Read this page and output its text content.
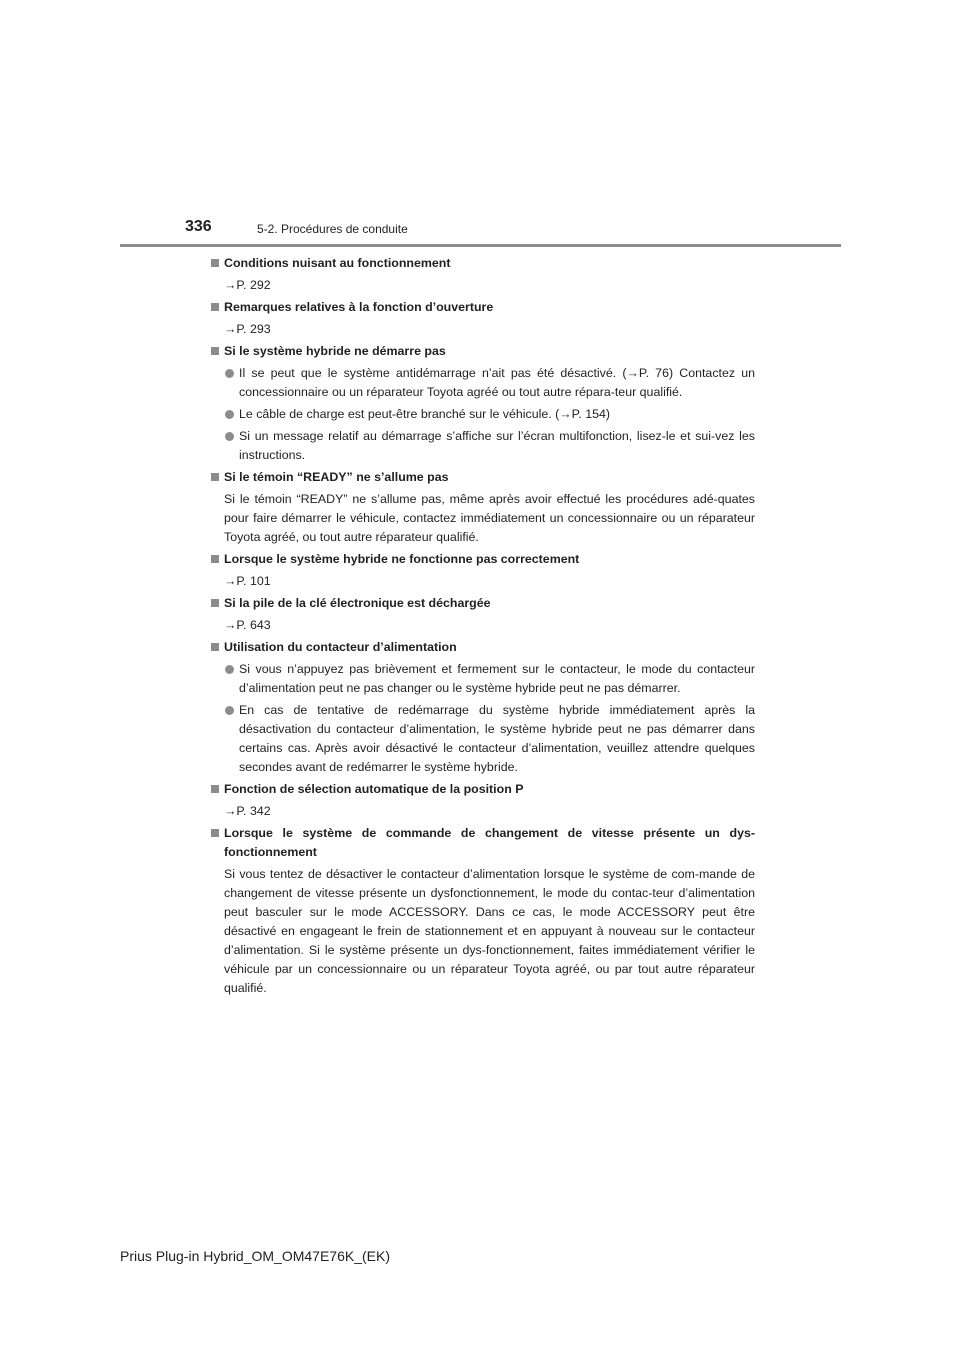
336	5-2. Procédures de conduite
Conditions nuisant au fonctionnement
→P. 292
Remarques relatives à la fonction d’ouverture
→P. 293
Si le système hybride ne démarre pas
Il se peut que le système antidémarrage n’ait pas été désactivé. (→P. 76) Contactez un concessionnaire ou un réparateur Toyota agréé ou tout autre répara-teur qualifié.
Le câble de charge est peut-être branché sur le véhicule. (→P. 154)
Si un message relatif au démarrage s’affiche sur l’écran multifonction, lisez-le et sui-vez les instructions.
Si le témoin “READY” ne s’allume pas
Si le témoin “READY” ne s’allume pas, même après avoir effectué les procédures adé-quates pour faire démarrer le véhicule, contactez immédiatement un concessionnaire ou un réparateur Toyota agréé, ou tout autre réparateur qualifié.
Lorsque le système hybride ne fonctionne pas correctement
→P. 101
Si la pile de la clé électronique est déchargée
→P. 643
Utilisation du contacteur d’alimentation
Si vous n’appuyez pas brièvement et fermement sur le contacteur, le mode du contacteur d’alimentation peut ne pas changer ou le système hybride peut ne pas démarrer.
En cas de tentative de redémarrage du système hybride immédiatement après la désactivation du contacteur d’alimentation, le système hybride peut ne pas démarrer dans certains cas. Après avoir désactivé le contacteur d’alimentation, veuillez attendre quelques secondes avant de redémarrer le système hybride.
Fonction de sélection automatique de la position P
→P. 342
Lorsque le système de commande de changement de vitesse présente un dys-fonctionnement
Si vous tentez de désactiver le contacteur d’alimentation lorsque le système de com-mande de changement de vitesse présente un dysfonctionnement, le mode du contac-teur d’alimentation peut basculer sur le mode ACCESSORY. Dans ce cas, le mode ACCESSORY peut être désactivé en engageant le frein de stationnement et en appuyant à nouveau sur le contacteur d’alimentation. Si le système présente un dys-fonctionnement, faites immédiatement vérifier le véhicule par un concessionnaire ou un réparateur Toyota agréé, ou par tout autre réparateur qualifié.
Prius Plug-in Hybrid_OM_OM47E76K_(EK)
